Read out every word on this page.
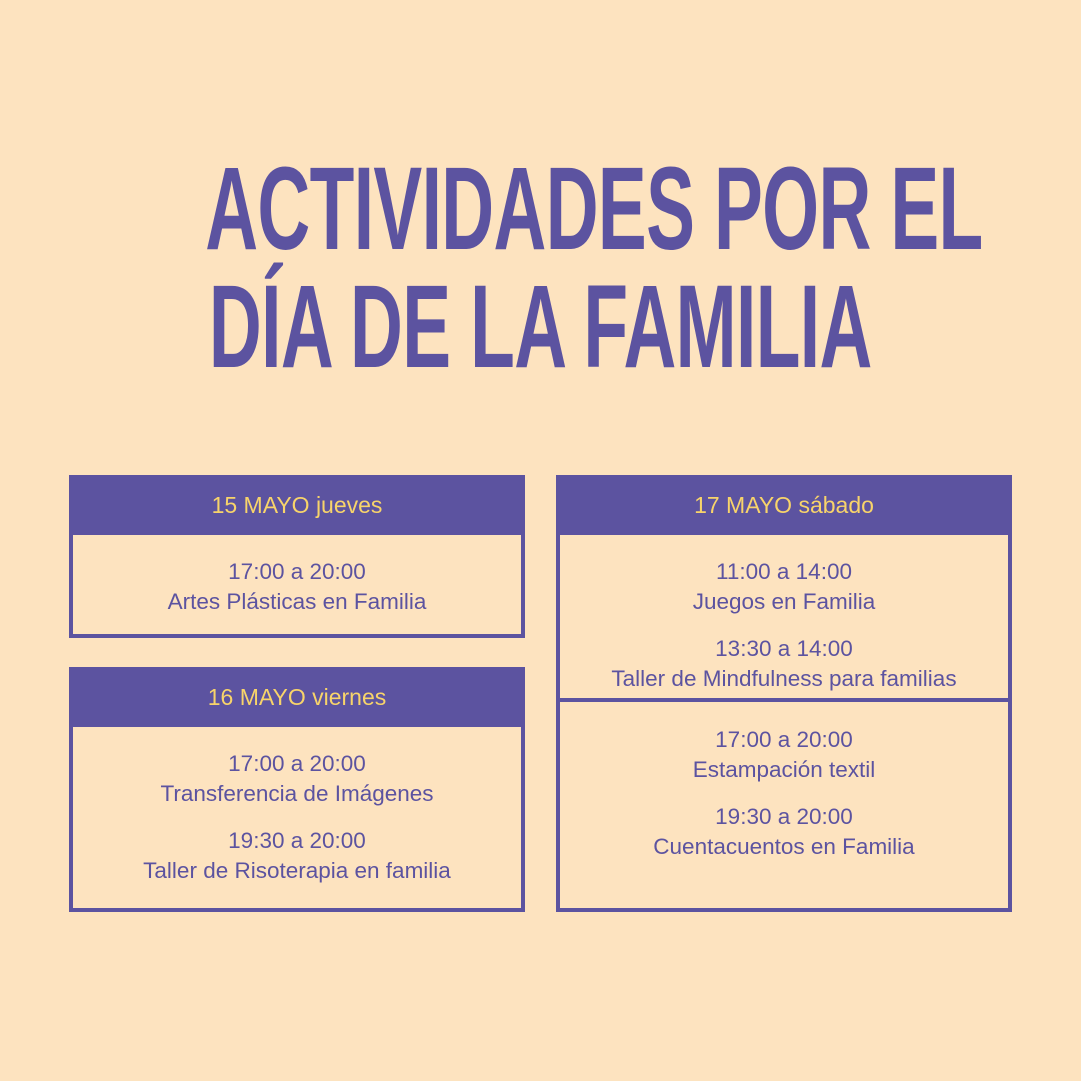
ACTIVIDADES POR EL
DÍA DE LA FAMILIA
15 MAYO jueves
17:00 a 20:00
Artes Plásticas en Familia
16 MAYO viernes
17:00 a 20:00
Transferencia de Imágenes
19:30 a 20:00
Taller de Risoterapia en familia
17 MAYO sábado
11:00 a 14:00
Juegos en Familia
13:30 a 14:00
Taller de Mindfulness para familias
17:00 a 20:00
Estampación textil
19:30 a 20:00
Cuentacuentos en Familia
